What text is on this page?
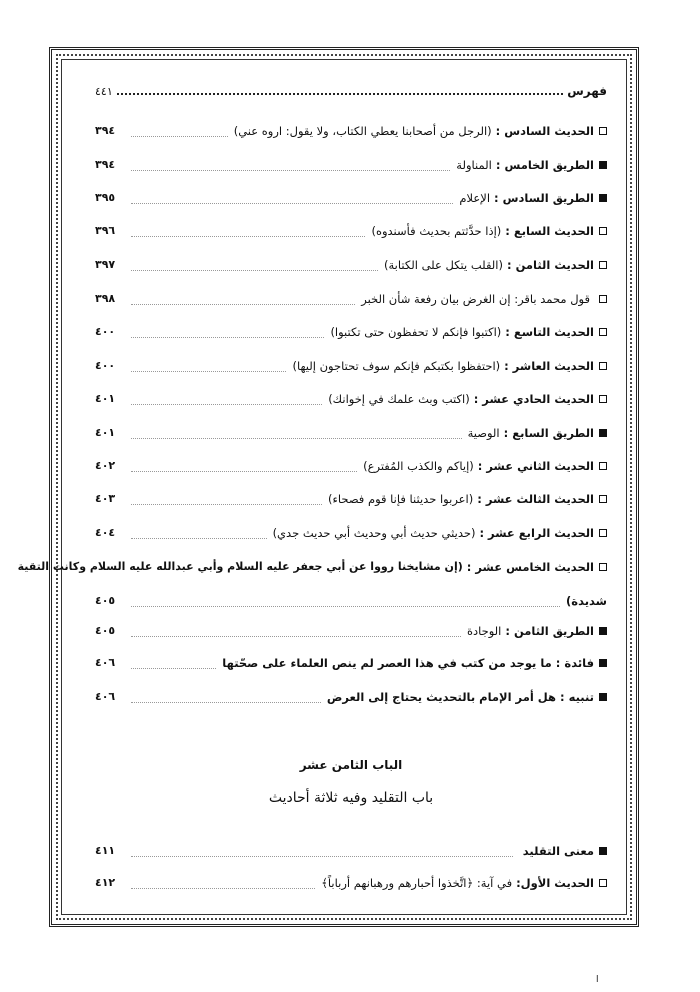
فهرس
٤٤١
الحديث السادس :
(الرجل من أصحابنا يعطي الكتاب، ولا يقول: اروه عني)
٣٩٤
الطريق الخامس :
المناولة
٣٩٤
الطريق السادس :
الإعلام
٣٩٥
الحديث السابع :
(إذا حدَّثتم بحديث فأسندوه)
٣٩٦
الحديث الثامن :
(القلب يتكل على الكتابة)
٣٩٧
قول محمد باقر: إن الغرض بيان رفعة شأن الخبر
٣٩٨
الحديث التاسع :
(اكتبوا فإنكم لا تحفظون حتى تكتبوا)
٤٠٠
الحديث العاشر :
(احتفظوا بكتبكم فإنكم سوف تحتاجون إليها)
٤٠٠
الحديث الحادي عشر :
(اكتب وبث علمك في إخوانك)
٤٠١
الطريق السابع :
الوصية
٤٠١
الحديث الثاني عشر :
(إياكم والكذب المُفترع)
٤٠٢
الحديث الثالث عشر :
(اعربوا حديثنا فإنا قوم فصحاء)
٤٠٣
الحديث الرابع عشر :
(حديثي حديث أبي وحديث أبي حديث جدي)
٤٠٤
الحديث الخامس عشر :
(إن مشايخنا رووا عن أبي جعفر عليه السلام وأبي عبدالله عليه السلام وكانت التقية
شديدة)
٤٠٥
الطريق الثامن :
الوجادة
٤٠٥
فائدة :
ما يوجد من كتب في هذا العصر لم ينص العلماء على صحّتها
٤٠٦
تنبيه :
هل أمر الإمام بالتحديث يحتاج إلى العرض
٤٠٦
الباب الثامن عشر
باب التقليد وفيه ثلاثة أحاديث
معنى التقليد
٤١١
الحديث الأول:
في آية: ﴿اتَّخذوا أحبارهم ورهبانهم أرباباً﴾
٤١٢
ا
